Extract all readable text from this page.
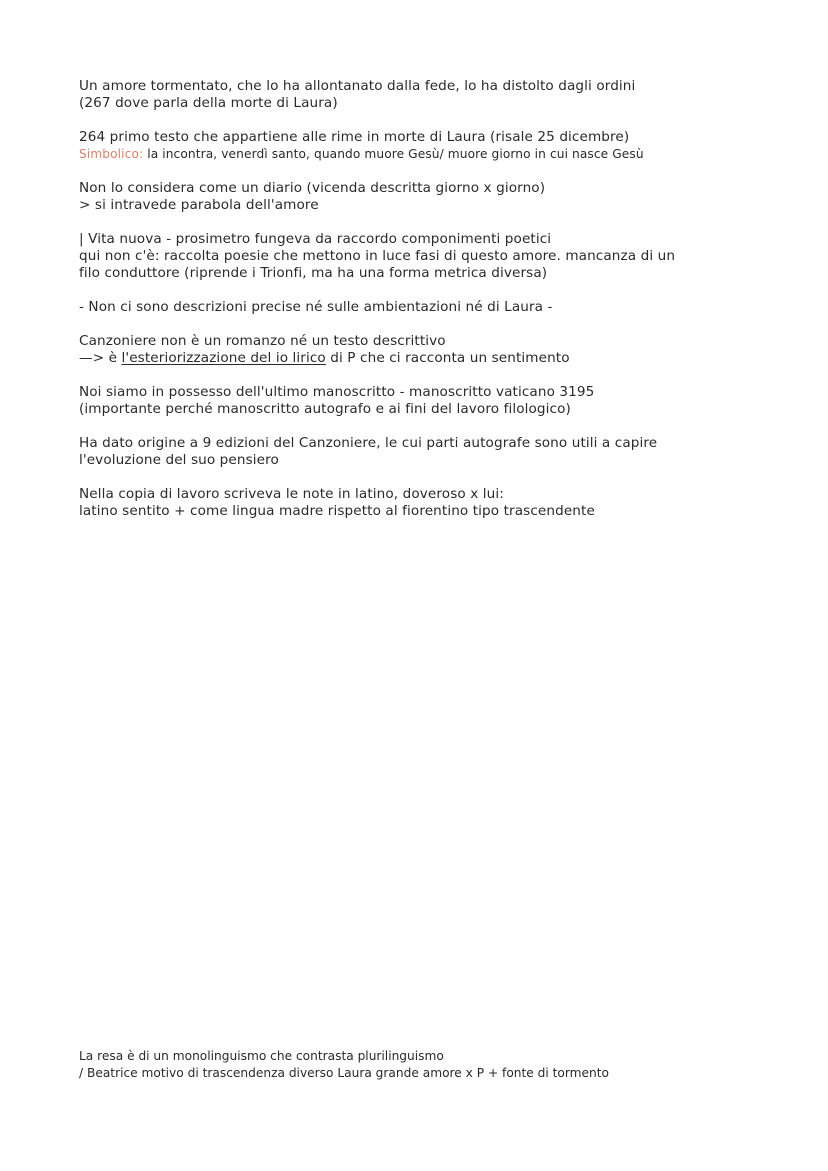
Un amore tormentato, che lo ha allontanato dalla fede, lo ha distolto dagli ordini
(267 dove parla della morte di Laura)

264 primo testo che appartiene alle rime in morte di Laura (risale 25 dicembre)
Simbolico: la incontra, venerdì santo, quando muore Gesù/ muore giorno in cui nasce Gesù

Non lo considera come un diario (vicenda descritta giorno x giorno)
> si intravede parabola dell'amore

| Vita nuova - prosimetro fungeva da raccordo componimenti poetici
qui non c'è: raccolta poesie che mettono in luce fasi di questo amore. mancanza di un
filo conduttore (riprende i Trionfi, ma ha una forma metrica diversa)

- Non ci sono descrizioni precise né sulle ambientazioni né di Laura -

Canzoniere non è un romanzo né un testo descrittivo
—> è l'esteriorizzazione del io lirico di P che ci racconta un sentimento

Noi siamo in possesso dell'ultimo manoscritto - manoscritto vaticano 3195
(importante perché manoscritto autografo e ai fini del lavoro filologico)

Ha dato origine a 9 edizioni del Canzoniere, le cui parti autografe sono utili a capire
l'evoluzione del suo pensiero

Nella copia di lavoro scriveva le note in latino, doveroso x lui:
latino sentito + come lingua madre rispetto al fiorentino tipo trascendente

La resa è di un monolinguismo che contrasta plurilinguismo
/ Beatrice motivo di trascendenza diverso Laura grande amore x P + fonte di tormento
